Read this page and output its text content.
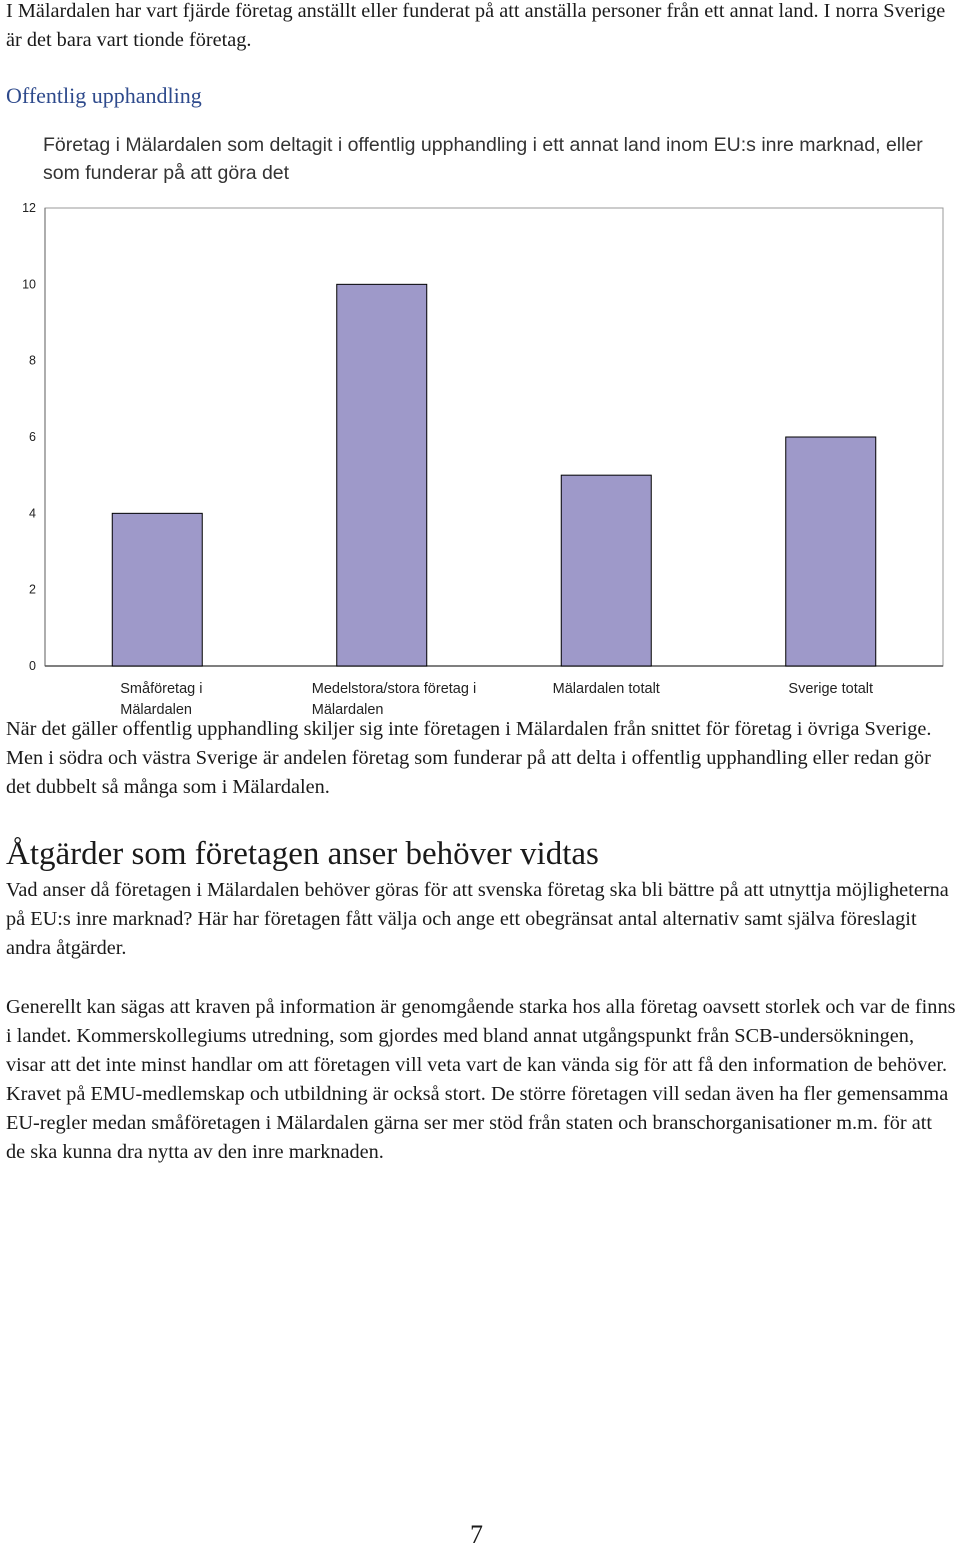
I Mälardalen har vart fjärde företag anställt eller funderat på att anställa personer från ett annat land. I norra Sverige är det bara vart tionde företag.

Offentlig upphandling

Företag i Mälardalen som deltagit i offentlig upphandling i ett annat land inom EU:s inre marknad, eller som funderar på att göra det

0
2
4
6
8
10
12
Småföretag i
Mälardalen
Medelstora/stora företag i
Mälardalen
Mälardalen totalt	Sverige totalt

När det gäller offentlig upphandling skiljer sig inte företagen i Mälardalen från snittet för företag i övriga Sverige. Men i södra och västra Sverige är andelen företag som funderar på att delta i offentlig upphandling eller redan gör det dubbelt så många som i Mälardalen.

Åtgärder som företagen anser behöver vidtas

Vad anser då företagen i Mälardalen behöver göras för att svenska företag ska bli bättre på att utnyttja möjligheterna på EU:s inre marknad? Här har företagen fått välja och ange ett obegränsat antal alternativ samt själva föreslagit andra åtgärder.

Generellt kan sägas att kraven på information är genomgående starka hos alla företag oavsett storlek och var de finns i landet. Kommerskollegiums utredning, som gjordes med bland annat utgångspunkt från SCB-undersökningen, visar att det inte minst handlar om att företagen vill veta vart de kan vända sig för att få den information de behöver. Kravet på EMU-medlemskap och utbildning är också stort. De större företagen vill sedan även ha fler gemensamma EU-regler medan småföretagen i Mälardalen gärna ser mer stöd från staten och branschorganisationer m.m. för att de ska kunna dra nytta av den inre marknaden.

7
